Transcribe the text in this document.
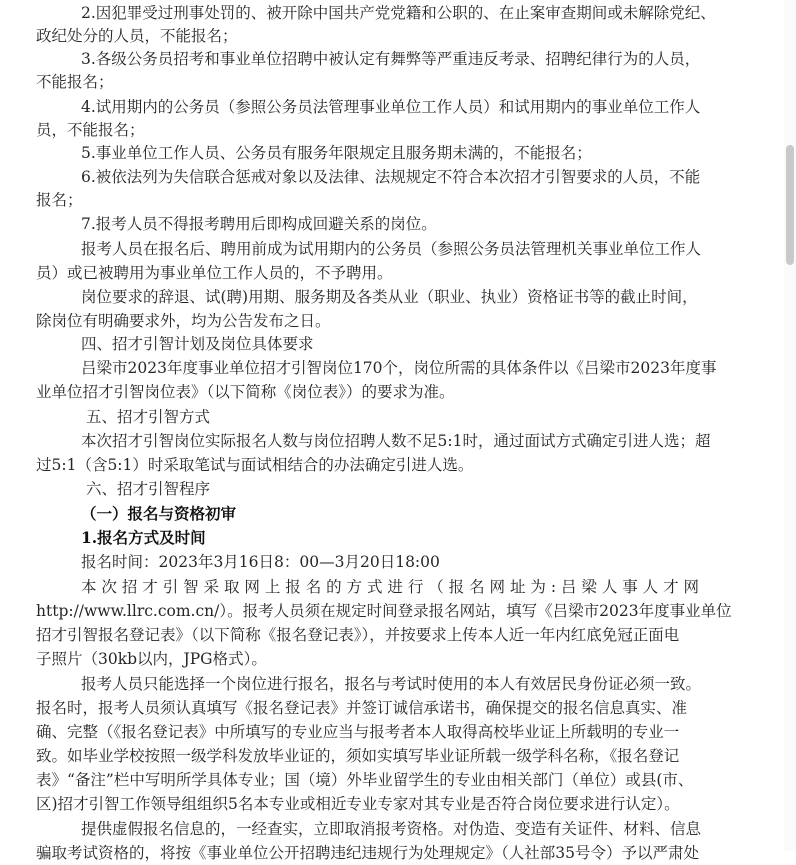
2.因犯罪受过刑事处罚的、被开除中国共产党党籍和公职的、在止案审查期间或未解除党纪、
政纪处分的人员，不能报名；
3.各级公务员招考和事业单位招聘中被认定有舞弊等严重违反考录、招聘纪律行为的人员，
不能报名；
4.试用期内的公务员（参照公务员法管理事业单位工作人员）和试用期内的事业单位工作人
员，不能报名；
5.事业单位工作人员、公务员有服务年限规定且服务期未满的，不能报名；
6.被依法列为失信联合惩戒对象以及法律、法规规定不符合本次招才引智要求的人员，不能
报名；
7.报考人员不得报考聘用后即构成回避关系的岗位。
报考人员在报名后、聘用前成为试用期内的公务员（参照公务员法管理机关事业单位工作人
员）或已被聘用为事业单位工作人员的，不予聘用。
岗位要求的辞退、试(聘)用期、服务期及各类从业（职业、执业）资格证书等的截止时间，
除岗位有明确要求外，均为公告发布之日。
四、招才引智计划及岗位具体要求
吕梁市2023年度事业单位招才引智岗位170个，岗位所需的具体条件以《吕梁市2023年度事
业单位招才引智岗位表》（以下简称《岗位表》）的要求为准。
五、招才引智方式
本次招才引智岗位实际报名人数与岗位招聘人数不足5:1时，通过面试方式确定引进人选；超
过5:1（含5:1）时采取笔试与面试相结合的办法确定引进人选。
六、招才引智程序
（一）报名与资格初审
1.报名方式及时间
报名时间：2023年3月16日8：00—3月20日18:00
本 次 招 才 引 智 采 取 网 上 报 名 的 方 式 进 行 （ 报 名 网 址 为 : 吕 梁 人 事 人 才 网
http://www.llrc.com.cn/）。报考人员须在规定时间登录报名网站，填写《吕梁市2023年度事业单位
招才引智报名登记表》（以下简称《报名登记表》），并按要求上传本人近一年内红底免冠正面电
子照片（30kb以内，JPG格式）。
报考人员只能选择一个岗位进行报名，报名与考试时使用的本人有效居民身份证必须一致。
报名时，报考人员须认真填写《报名登记表》并签订诚信承诺书，确保提交的报名信息真实、准
确、完整（《报名登记表》中所填写的专业应当与报考者本人取得高校毕业证上所载明的专业一
致。如毕业学校按照一级学科发放毕业证的，须如实填写毕业证所载一级学科名称，《报名登记
表》“备注”栏中写明所学具体专业；国（境）外毕业留学生的专业由相关部门（单位）或县(市、
区)招才引智工作领导组组织5名本专业或相近专业专家对其专业是否符合岗位要求进行认定）。
提供虚假报名信息的，一经查实，立即取消报考资格。对伪造、变造有关证件、材料、信息
骗取考试资格的，将按《事业单位公开招聘违纪违规行为处理规定》（人社部35号令）予以严肃处
